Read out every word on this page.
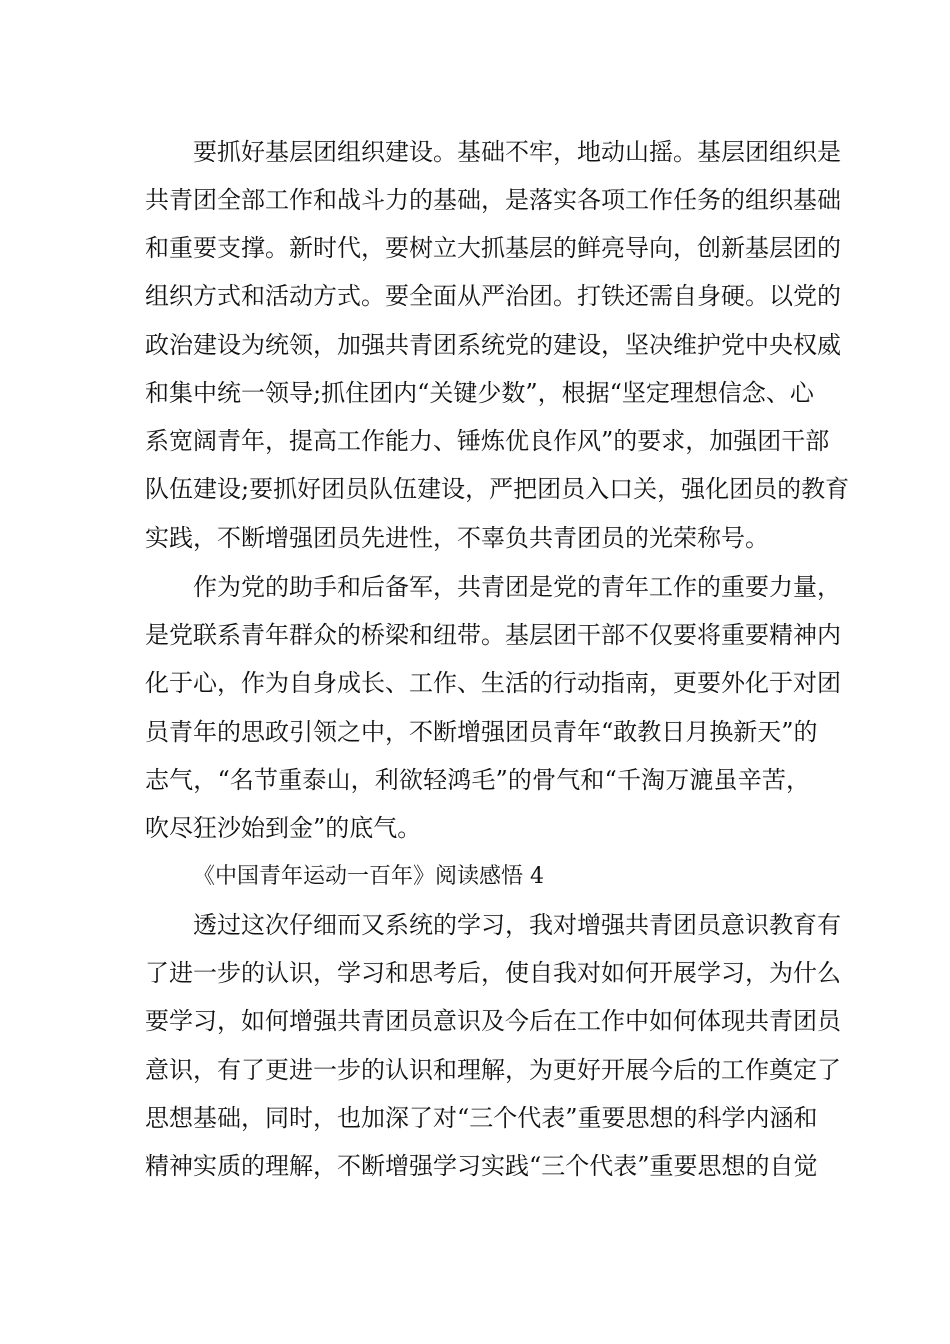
要抓好基层团组织建设。基础不牢，地动山摇。基层团组织是
共青团全部工作和战斗力的基础，是落实各项工作任务的组织基础
和重要支撑。新时代，要树立大抓基层的鲜亮导向，创新基层团的
组织方式和活动方式。要全面从严治团。打铁还需自身硬。以党的
政治建设为统领，加强共青团系统党的建设，坚决维护党中央权威
和集中统一领导;抓住团内“关键少数”，根据“坚定理想信念、心
系宽阔青年，提高工作能力、锤炼优良作风”的要求，加强团干部
队伍建设;要抓好团员队伍建设，严把团员入口关，强化团员的教育
实践，不断增强团员先进性，不辜负共青团员的光荣称号。
作为党的助手和后备军，共青团是党的青年工作的重要力量，
是党联系青年群众的桥梁和纽带。基层团干部不仅要将重要精神内
化于心，作为自身成长、工作、生活的行动指南，更要外化于对团
员青年的思政引领之中，不断增强团员青年“敢教日月换新天”的
志气，“名节重泰山，利欲轻鸿毛”的骨气和“千淘万漉虽辛苦，
吹尽狂沙始到金”的底气。
《中国青年运动一百年》阅读感悟 4
透过这次仔细而又系统的学习，我对增强共青团员意识教育有
了进一步的认识，学习和思考后，使自我对如何开展学习，为什么
要学习，如何增强共青团员意识及今后在工作中如何体现共青团员
意识，有了更进一步的认识和理解，为更好开展今后的工作奠定了
思想基础，同时，也加深了对“三个代表”重要思想的科学内涵和
精神实质的理解，不断增强学习实践“三个代表”重要思想的自觉
